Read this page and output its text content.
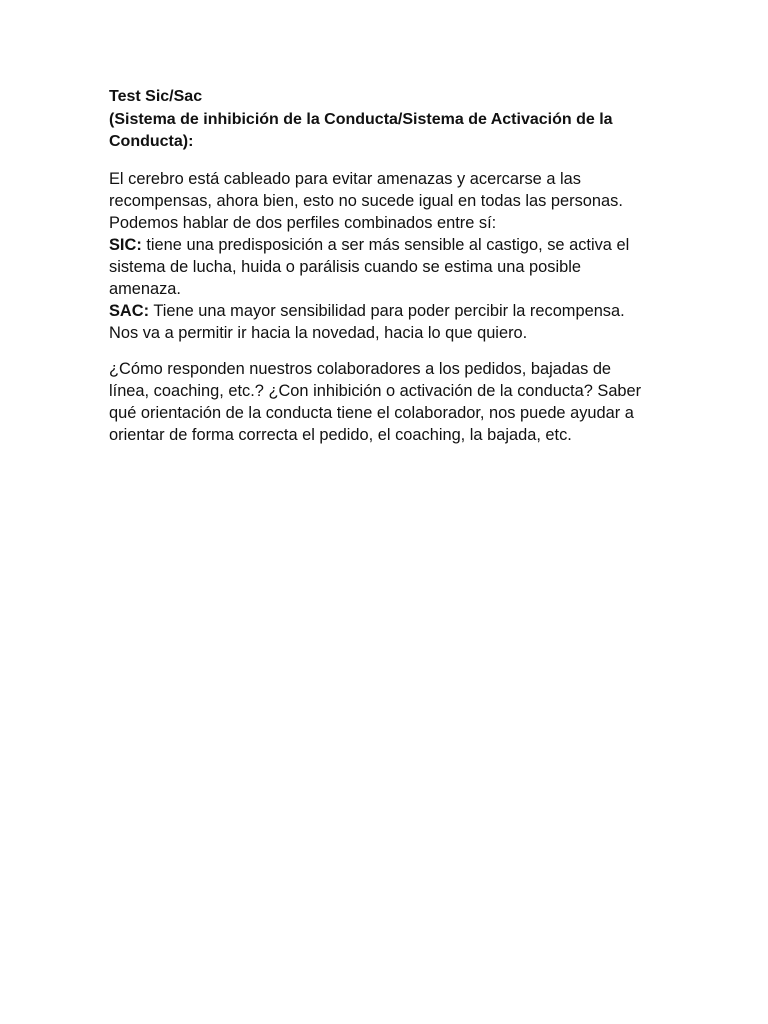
Test Sic/Sac
(Sistema de inhibición de la Conducta/Sistema de Activación de la Conducta):
El cerebro está cableado para evitar amenazas y acercarse a las recompensas, ahora bien, esto no sucede igual en todas las personas. Podemos hablar de dos perfiles combinados entre sí:
SIC: tiene una predisposición a ser más sensible al castigo, se activa el sistema de lucha, huida o parálisis cuando se estima una posible amenaza.
SAC: Tiene una mayor sensibilidad para poder percibir la recompensa. Nos va a permitir ir hacia la novedad, hacia lo que quiero.
¿Cómo responden nuestros colaboradores a los pedidos, bajadas de línea, coaching, etc.? ¿Con inhibición o activación de la conducta? Saber qué orientación de la conducta tiene el colaborador, nos puede ayudar a orientar de forma correcta el pedido, el coaching, la bajada, etc.
